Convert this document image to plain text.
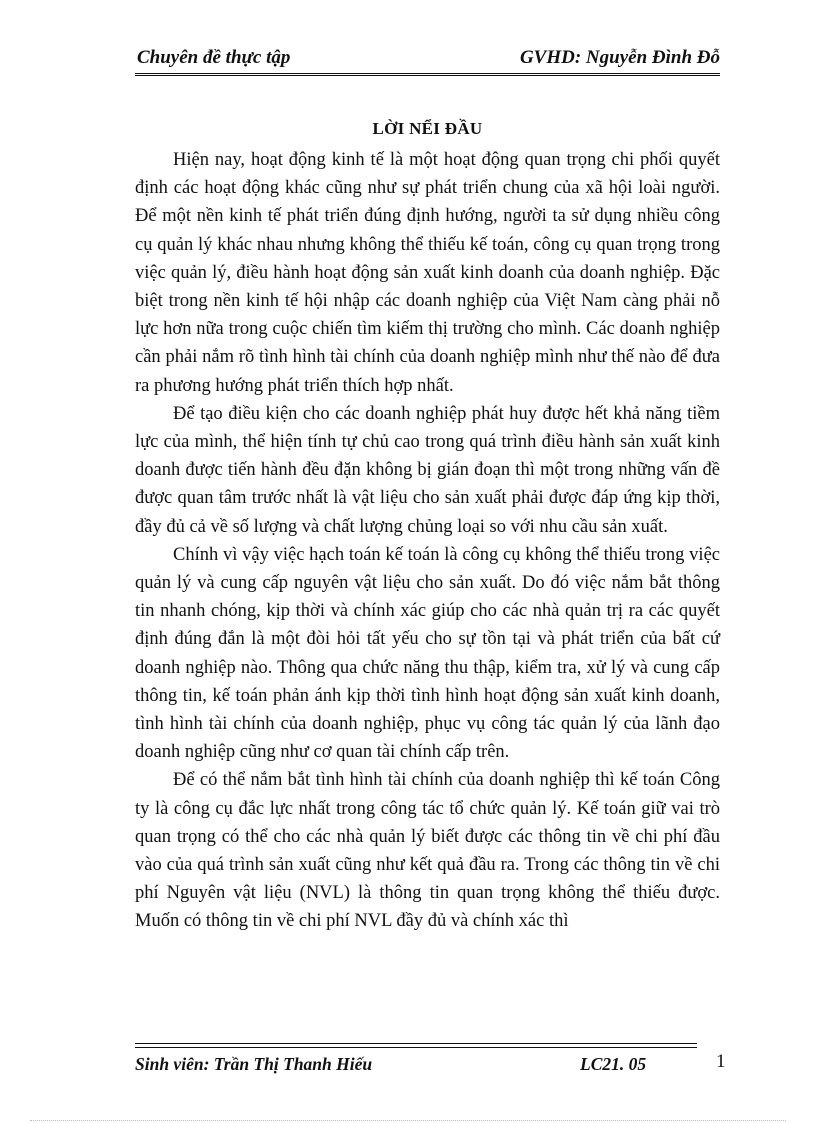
Chuyên đề thực tập	GVHD: Nguyễn Đình Đỗ
LỜI NỂI ĐẦU

Hiện nay, hoạt động kinh tế là một hoạt động quan trọng chi phối quyết định các hoạt động khác cũng như sự phát triển chung của xã hội loài người. Để một nền kinh tế phát triển đúng định hướng, người ta sử dụng nhiều công cụ quản lý khác nhau nhưng không thể thiếu kế toán, công cụ quan trọng trong việc quản lý, điều hành hoạt động sản xuất kinh doanh của doanh nghiệp. Đặc biệt trong nền kinh tế hội nhập các doanh nghiệp của Việt Nam càng phải nỗ lực hơn nữa trong cuộc chiến tìm kiếm thị trường cho mình. Các doanh nghiệp cần phải nắm rõ tình hình tài chính của doanh nghiệp mình như thế nào để đưa ra phương hướng phát triển thích hợp nhất.

Để tạo điều kiện cho các doanh nghiệp phát huy được hết khả năng tiềm lực của mình, thể hiện tính tự chủ cao trong quá trình điều hành sản xuất kinh doanh được tiến hành đều đặn không bị gián đoạn thì một trong những vấn đề được quan tâm trước nhất là vật liệu cho sản xuất phải được đáp ứng kịp thời, đầy đủ cả về số lượng và chất lượng chủng loại so với nhu cầu sản xuất.

Chính vì vậy việc hạch toán kế toán là công cụ không thể thiếu trong việc quản lý và cung cấp nguyên vật liệu cho sản xuất. Do đó việc nắm bắt thông tin nhanh chóng, kịp thời và chính xác giúp cho các nhà quản trị ra các quyết định đúng đắn là một đòi hỏi tất yếu cho sự tồn tại và phát triển của bất cứ doanh nghiệp nào. Thông qua chức năng thu thập, kiểm tra, xử lý và cung cấp thông tin, kế toán phản ánh kịp thời tình hình hoạt động sản xuất kinh doanh, tình hình tài chính của doanh nghiệp, phục vụ công tác quản lý của lãnh đạo doanh nghiệp cũng như cơ quan tài chính cấp trên.

Để có thể nắm bắt tình hình tài chính của doanh nghiệp thì kế toán Công ty là công cụ đắc lực nhất trong công tác tổ chức quản lý. Kế toán giữ vai trò quan trọng có thể cho các nhà quản lý biết được các thông tin về chi phí đầu vào của quá trình sản xuất cũng như kết quả đầu ra. Trong các thông tin về chi phí Nguyên vật liệu (NVL) là thông tin quan trọng không thể thiếu được. Muốn có thông tin về chi phí NVL đầy đủ và chính xác thì

Sinh viên: Trần Thị Thanh Hiếu	LC21. 05	1
